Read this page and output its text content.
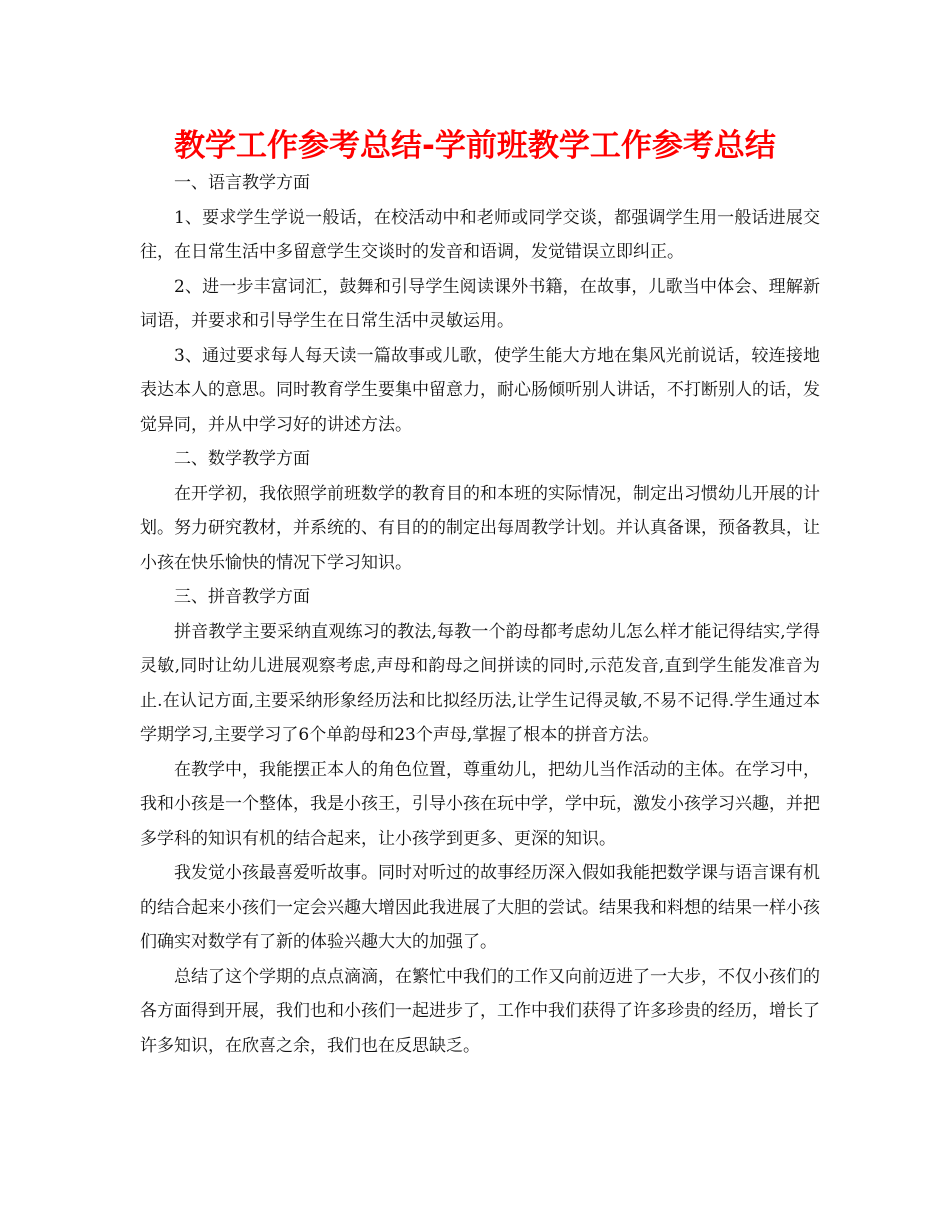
教学工作参考总结-学前班教学工作参考总结

一、语言教学方面

1、要求学生学说一般话，在校活动中和老师或同学交谈，都强调学生用一般话进展交往，在日常生活中多留意学生交谈时的发音和语调，发觉错误立即纠正。

2、进一步丰富词汇，鼓舞和引导学生阅读课外书籍，在故事，儿歌当中体会、理解新词语，并要求和引导学生在日常生活中灵敏运用。

3、通过要求每人每天读一篇故事或儿歌，使学生能大方地在集风光前说话，较连接地表达本人的意思。同时教育学生要集中留意力，耐心肠倾听别人讲话，不打断别人的话，发觉异同，并从中学习好的讲述方法。

二、数学教学方面

在开学初，我依照学前班数学的教育目的和本班的实际情况，制定出习惯幼儿开展的计划。努力研究教材，并系统的、有目的的制定出每周教学计划。并认真备课，预备教具，让小孩在快乐愉快的情况下学习知识。

三、拼音教学方面

拼音教学主要采纳直观练习的教法,每教一个韵母都考虑幼儿怎么样才能记得结实,学得灵敏,同时让幼儿进展观察考虑,声母和韵母之间拼读的同时,示范发音,直到学生能发准音为止.在认记方面,主要采纳形象经历法和比拟经历法,让学生记得灵敏,不易不记得.学生通过本学期学习,主要学习了6个单韵母和23个声母,掌握了根本的拼音方法。

在教学中，我能摆正本人的角色位置，尊重幼儿，把幼儿当作活动的主体。在学习中，我和小孩是一个整体，我是小孩王，引导小孩在玩中学，学中玩，激发小孩学习兴趣，并把多学科的知识有机的结合起来，让小孩学到更多、更深的知识。

我发觉小孩最喜爱听故事。同时对听过的故事经历深入假如我能把数学课与语言课有机的结合起来小孩们一定会兴趣大增因此我进展了大胆的尝试。结果我和料想的结果一样小孩们确实对数学有了新的体验兴趣大大的加强了。

总结了这个学期的点点滴滴，在繁忙中我们的工作又向前迈进了一大步，不仅小孩们的各方面得到开展，我们也和小孩们一起进步了，工作中我们获得了许多珍贵的经历，增长了许多知识，在欣喜之余，我们也在反思缺乏。
